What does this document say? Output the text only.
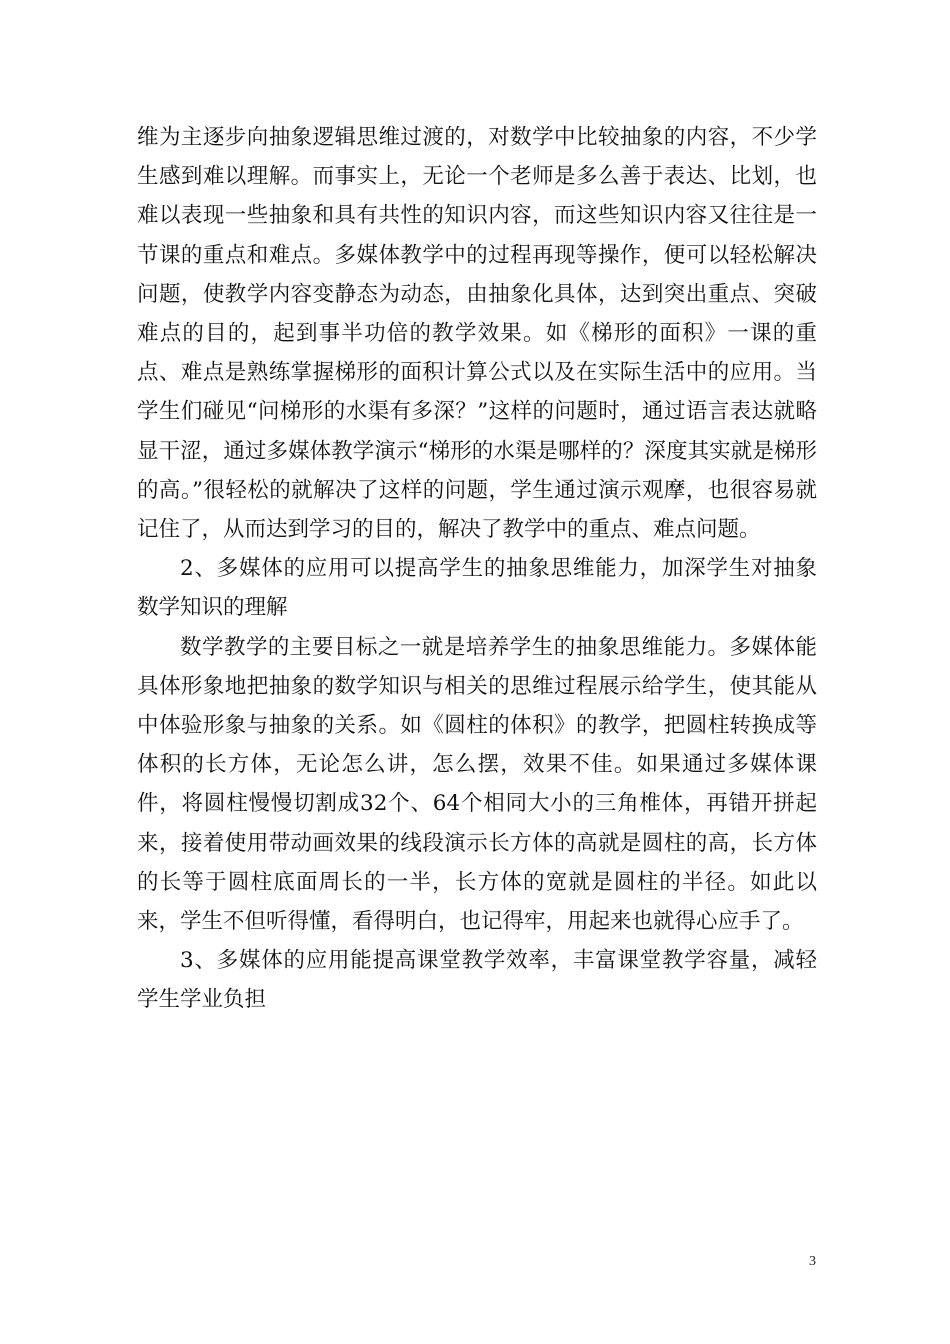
维为主逐步向抽象逻辑思维过渡的，对数学中比较抽象的内容，不少学生感到难以理解。而事实上，无论一个老师是多么善于表达、比划，也难以表现一些抽象和具有共性的知识内容，而这些知识内容又往往是一节课的重点和难点。多媒体教学中的过程再现等操作，便可以轻松解决问题，使教学内容变静态为动态，由抽象化具体，达到突出重点、突破难点的目的，起到事半功倍的教学效果。如《梯形的面积》一课的重点、难点是熟练掌握梯形的面积计算公式以及在实际生活中的应用。当学生们碰见“问梯形的水渠有多深？”这样的问题时，通过语言表达就略显干涩，通过多媒体教学演示“梯形的水渠是哪样的？深度其实就是梯形的高。”很轻松的就解决了这样的问题，学生通过演示观摩，也很容易就记住了，从而达到学习的目的，解决了教学中的重点、难点问题。

2、多媒体的应用可以提高学生的抽象思维能力，加深学生对抽象数学知识的理解

数学教学的主要目标之一就是培养学生的抽象思维能力。多媒体能具体形象地把抽象的数学知识与相关的思维过程展示给学生，使其能从中体验形象与抽象的关系。如《圆柱的体积》的教学，把圆柱转换成等体积的长方体，无论怎么讲，怎么摆，效果不佳。如果通过多媒体课件，将圆柱慢慢切割成32个、64个相同大小的三角椎体，再错开拼起来，接着使用带动画效果的线段演示长方体的高就是圆柱的高，长方体的长等于圆柱底面周长的一半，长方体的宽就是圆柱的半径。如此以来，学生不但听得懂，看得明白，也记得牢，用起来也就得心应手了。

3、多媒体的应用能提高课堂教学效率，丰富课堂教学容量，减轻学生学业负担

3
